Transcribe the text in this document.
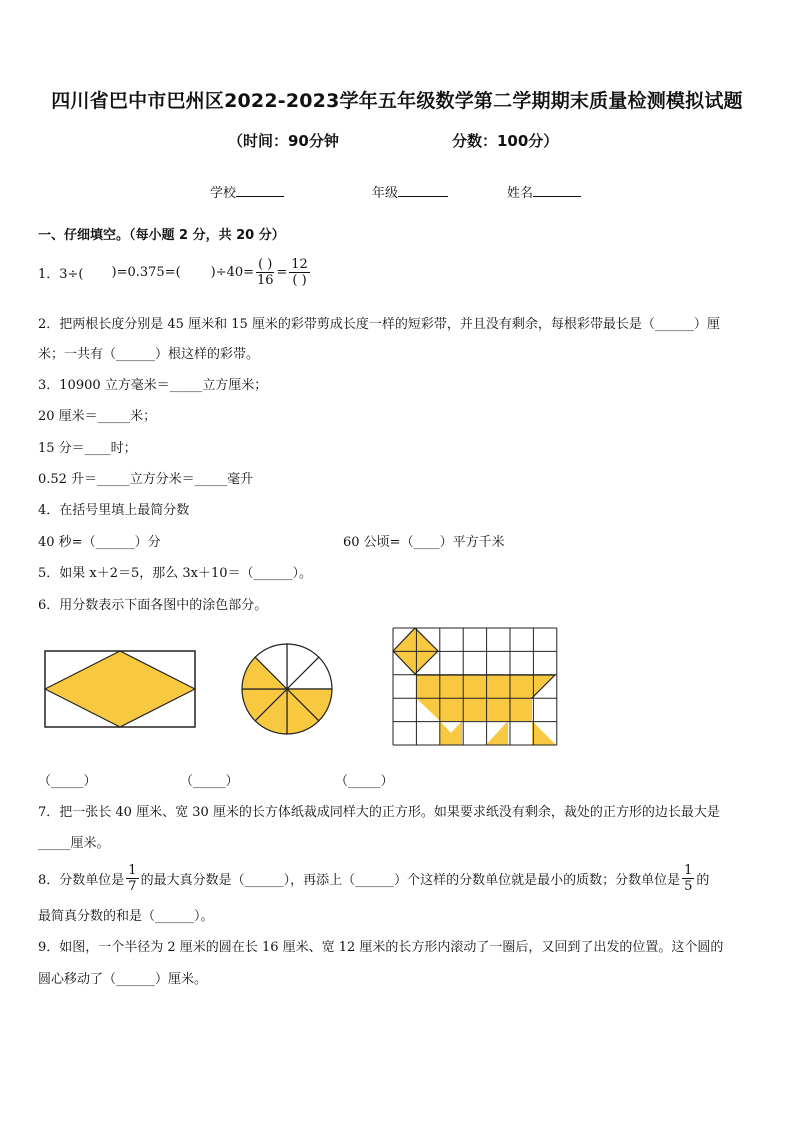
四川省巴中市巴州区2022-2023学年五年级数学第二学期期末质量检测模拟试题
（时间：90分钟	分数：100分）
学校	年级	姓名
一、仔细填空。（每小题 2 分，共 20 分）
1．3÷( )=0.375=( )$\div 40= \frac{( )}{16} = \frac{12}{( )}$
2．把两根长度分别是 45 厘米和 15 厘米的彩带剪成长度一样的短彩带，并且没有剩余，每根彩带最长是（______）厘
米；一共有（______）根这样的彩带。
3．10900 立方毫米＝_____立方厘米；
20 厘米＝_____米；
15 分＝____时；
0.52 升＝_____立方分米＝_____毫升
4．在括号里填上最简分数
40 秒=（______）分	60 公顷=（____）平方千米
5．如果 x＋2＝5，那么 3x＋10＝（______）。
6．用分数表示下面各图中的涂色部分。
（_____）	（_____）	（_____）
7．把一张长 40 厘米、宽 30 厘米的长方体纸裁成同样大的正方形。如果要求纸没有剩余，裁处的正方形的边长最大是
_____厘米。
8．分数单位是 $\frac{1}{7}$ 的最大真分数是（______），再添上（______）个这样的分数单位就是最小的质数；分数单位是 $\frac{1}{5}$ 的
最简真分数的和是（______）。
9．如图，一个半径为 2 厘米的圆在长 16 厘米、宽 12 厘米的长方形内滚动了一圈后，又回到了出发的位置。这个圆的
圆心移动了（______）厘米。
